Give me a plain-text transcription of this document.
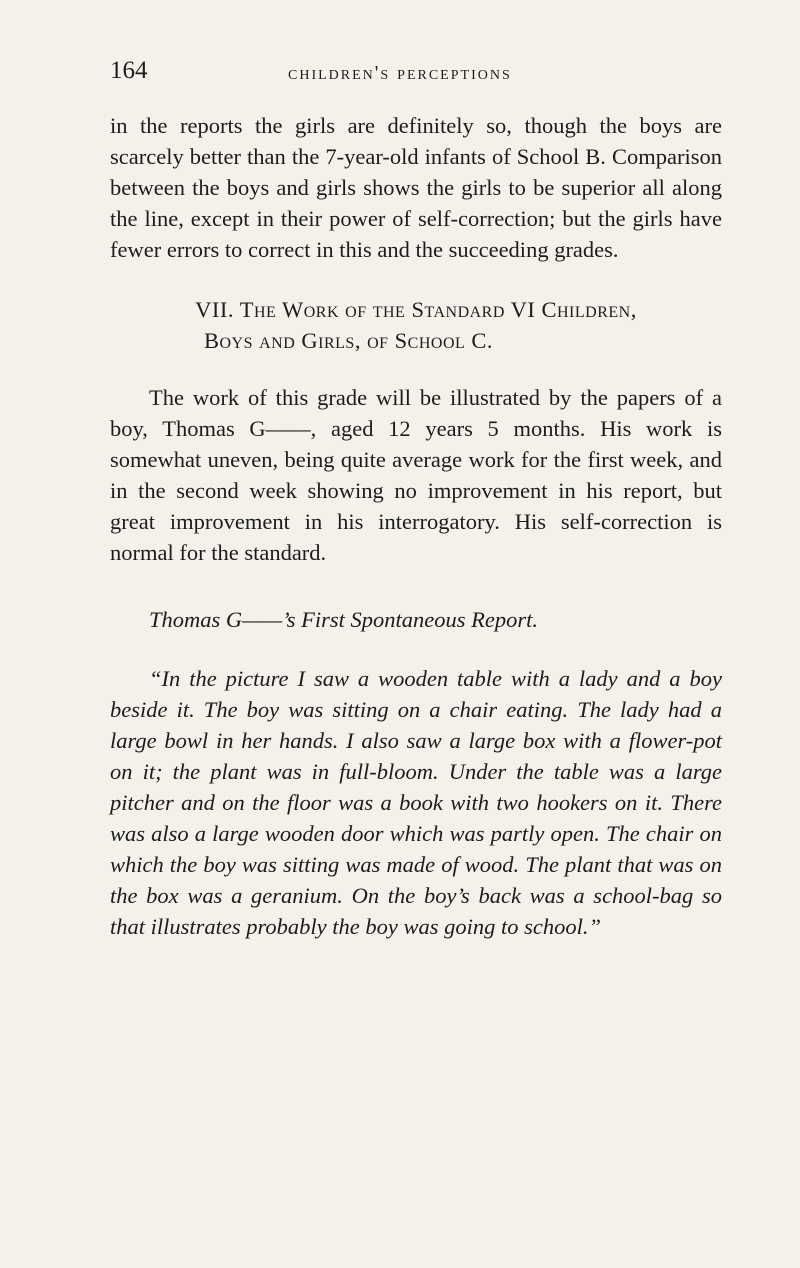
164	children's perceptions

in the reports the girls are definitely so, though the boys are scarcely better than the 7-year-old infants of School B. Comparison between the boys and girls shows the girls to be superior all along the line, except in their power of self-correction; but the girls have fewer errors to correct in this and the succeeding grades.

VII. The Work of the Standard VI Children,
Boys and Girls, of School C.

The work of this grade will be illustrated by the papers of a boy, Thomas G——, aged 12 years 5 months. His work is somewhat uneven, being quite average work for the first week, and in the second week showing no improvement in his report, but great improvement in his interrogatory. His self-correction is normal for the standard.

Thomas G——’s First Spontaneous Report.

“In the picture I saw a wooden table with a lady and a boy beside it. The boy was sitting on a chair eating. The lady had a large bowl in her hands. I also saw a large box with a flower-pot on it; the plant was in full-bloom. Under the table was a large pitcher and on the floor was a book with two hookers on it. There was also a large wooden door which was partly open. The chair on which the boy was sitting was made of wood. The plant that was on the box was a geranium. On the boy’s back was a school-bag so that illustrates probably the boy was going to school.”
